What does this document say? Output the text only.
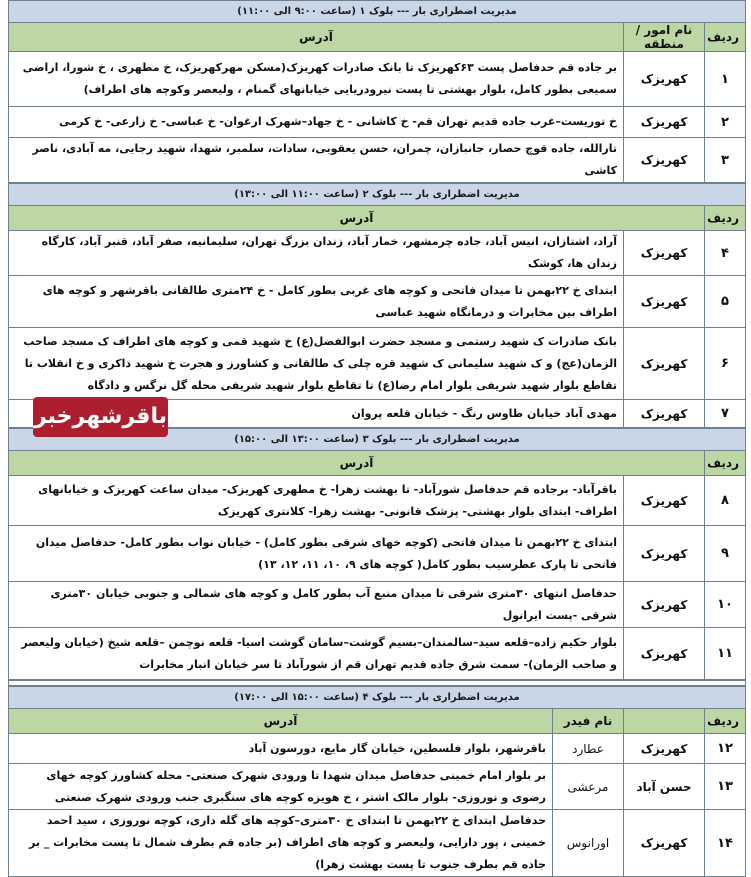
مدیریت اضطراری بار --- بلوک ۱ (ساعت ۹:۰۰ الی ۱۱:۰۰)		
ردیف	نام امور / منطقه	آدرس
۱	کهریزک	بر جاده قم حدفاصل پست ۶۳کهریزک تا بانک صادرات کهریزک(مسکن مهرکهریزک، خ مطهری ، خ شورا، اراضی سمیعی بطور کامل، بلوار بهشتی تا پست نیرودریایی خیابانهای گمنام ، ولیعصر وکوچه های اطراف)
۲	کهریزک	خ توریست–غرب جاده قدیم تهران قم- خ کاشانی - خ جهاد–شهرک ارغوان- خ عباسی- خ زارعی- خ کرمی
۳	کهریزک	تارالله، جاده قوچ حصار، جانبازان، چمران، حسن یعقوبی، سادات، سلمبر، شهدا، شهید رجایی، مه آبادی، ناصر کاشی
مدیریت اضطراری بار --- بلوک ۲ (ساعت ۱۱:۰۰ الی ۱۳:۰۰)		
ردیف	آدرس	
۴	کهریزک	آراد، اشتازان، انیس آباد، جاده چرمشهر، خمار آباد، زندان بزرگ تهران، سلیمانیه، صفر آباد، قنبر آباد، کارگاه زندان ها، کوشک
۵	کهریزک	ابتدای خ ۲۲بهمن تا میدان فاتحی و کوچه های غربی بطور کامل - خ ۲۴متری طالقانی باقرشهر و کوچه های اطراف بین مخابرات و درمانگاه شهید عباسی
۶	کهریزک	بانک صادرات ک شهید رستمی و مسجد حضرت ابوالفضل(ع) خ شهید قمی و کوچه های اطراف ک مسجد صاحب الزمان(عج) و ک شهید سلیمانی ک شهید قره چلی ک طالقانی و کشاورز و هجرت خ شهید ذاکری و خ انقلاب تا تقاطع بلوار شهید شریفی بلوار امام رضا(ع) تا تقاطع بلوار شهید شریفی محله گل نرگس و دادگاه
۷	کهریزک	مهدی آباد خیابان طاوس رنگ - خیابان قلعه پروان
مدیریت اضطراری بار --- بلوک ۳ (ساعت ۱۳:۰۰ الی ۱۵:۰۰)		
ردیف	آدرس	
۸	کهریزک	باقرآباد- برجاده قم حدفاصل شورآباد- تا بهشت زهرا- خ مطهری کهریزک- میدان ساعت کهریزک و خیابانهای اطراف- ابتدای بلوار بهشتی- پزشک قانونی- بهشت زهرا- کلانتری کهریزک
۹	کهریزک	ابتدای خ ۲۲بهمن تا میدان فاتحی (کوچه خهای شرقی بطور کامل) - خیابان نواب بطور کامل- حدفاصل میدان فاتحی تا پارک عطرسیب بطور کامل( کوچه های ۹، ۱۰، ۱۱، ۱۲، ۱۳)
۱۰	کهریزک	حدفاصل انتهای ۳۰متری شرقی تا میدان منبع آب بطور کامل و کوچه های شمالی و جنوبی خیابان ۳۰متری شرقی -پست ایرانول
۱۱	کهریزک	بلوار حکیم زاده–قلعه سید–سالمندان–بسیم گوشت–سامان گوشت اسیا- قلعه نوچمن –قلعه شیخ (خیابان ولیعصر و صاحب الزمان)- سمت شرق جاده قدیم تهران قم از شورآباد تا سر خیابان انبار مخابرات
مدیریت اضطراری بار --- بلوک ۴ (ساعت ۱۵:۰۰ الی ۱۷:۰۰)			
ردیف		نام فیدر	آدرس
۱۲	کهریزک	عطارد	باقرشهر، بلوار فلسطین، خیابان گاز مایع، دورسون آباد
۱۳	حسن آباد	مرعشی	بر بلوار امام خمینی حدفاصل میدان شهدا تا ورودی شهرک صنعتی- محله کشاورز کوچه خهای رضوی و نوروزی- بلوار مالک اشتر ، خ هویزه کوچه های سنگبری جنب ورودی شهرک صنعتی
۱۴	کهریزک	اورانوس	حدفاصل ابتدای خ ۲۲بهمن تا ابتدای خ ۳۰متری–کوچه های گله داری، کوچه نوروزی ، سید احمد خمینی ، پور دارایی، ولیعصر و کوچه های اطراف (بر جاده قم بطرف شمال تا پست مخابرات _ بر جاده قم بطرف جنوب تا پست بهشت زهرا)
باقرشهرخبر
